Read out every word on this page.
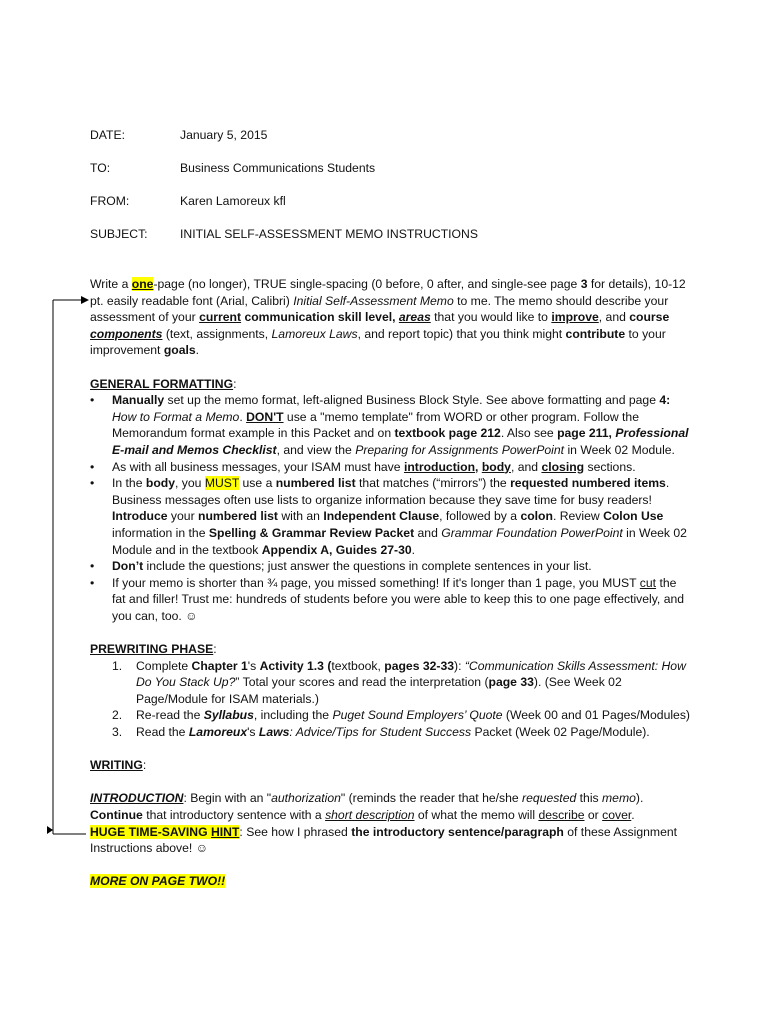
DATE:	January 5, 2015
TO:	Business Communications Students
FROM:	Karen Lamoreux kfl
SUBJECT:	INITIAL SELF-ASSESSMENT MEMO INSTRUCTIONS

Write a one-page (no longer), TRUE single-spacing (0 before, 0 after, and single-see page 3 for details), 10-12 pt. easily readable font (Arial, Calibri) Initial Self-Assessment Memo to me. The memo should describe your assessment of your current communication skill level, areas that you would like to improve, and course components (text, assignments, Lamoreux Laws, and report topic) that you think might contribute to your improvement goals.

GENERAL FORMATTING:
• Manually set up the memo format, left-aligned Business Block Style. See above formatting and page 4: How to Format a Memo. DON'T use a "memo template" from WORD or other program. Follow the Memorandum format example in this Packet and on textbook page 212. Also see page 211, Professional E-mail and Memos Checklist, and view the Preparing for Assignments PowerPoint in Week 02 Module.
• As with all business messages, your ISAM must have introduction, body, and closing sections.
• In the body, you MUST use a numbered list that matches (“mirrors”) the requested numbered items. Business messages often use lists to organize information because they save time for busy readers! Introduce your numbered list with an Independent Clause, followed by a colon. Review Colon Use information in the Spelling & Grammar Review Packet and Grammar Foundation PowerPoint in Week 02 Module and in the textbook Appendix A, Guides 27-30.
• Don’t include the questions; just answer the questions in complete sentences in your list.
• If your memo is shorter than ¾ page, you missed something! If it's longer than 1 page, you MUST cut the fat and filler! Trust me: hundreds of students before you were able to keep this to one page effectively, and you can, too. ☺
PREWRITING PHASE:
1. Complete Chapter 1's Activity 1.3 (textbook, pages 32-33): “Communication Skills Assessment: How Do You Stack Up?” Total your scores and read the interpretation (page 33). (See Week 02 Page/Module for ISAM materials.)
2. Re-read the Syllabus, including the Puget Sound Employers’ Quote (Week 00 and 01 Pages/Modules)
3. Read the Lamoreux's Laws: Advice/Tips for Student Success Packet (Week 02 Page/Module).
WRITING:
INTRODUCTION: Begin with an "authorization" (reminds the reader that he/she requested this memo).
Continue that introductory sentence with a short description of what the memo will describe or cover.
HUGE TIME-SAVING HINT: See how I phrased the introductory sentence/paragraph of these Assignment Instructions above! ☺
MORE ON PAGE TWO!!
